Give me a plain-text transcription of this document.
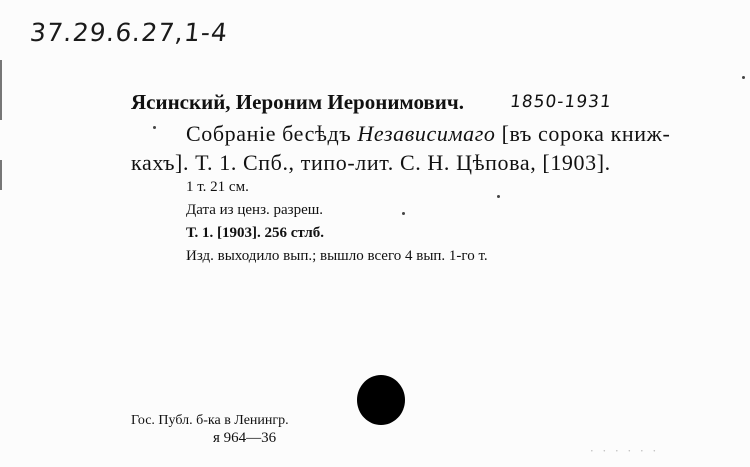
37.29.6.27,1-4
Ясинский, Иероним Иеронимович.	1850-1931
Собраніе бесѣдъ Независимаго [въ сорока книж-
кахъ]. Т. 1. Спб., типо-лит. С. Н. Цѣпова, [1903].
1 т. 21 см.
Дата из ценз. разреш.
Т. 1. [1903]. 256 стлб.
Изд. выходило вып.; вышло всего 4 вып. 1-го т.
Гос. Публ. б-ка в Ленингр.
я 964—36
· · · · · ·
